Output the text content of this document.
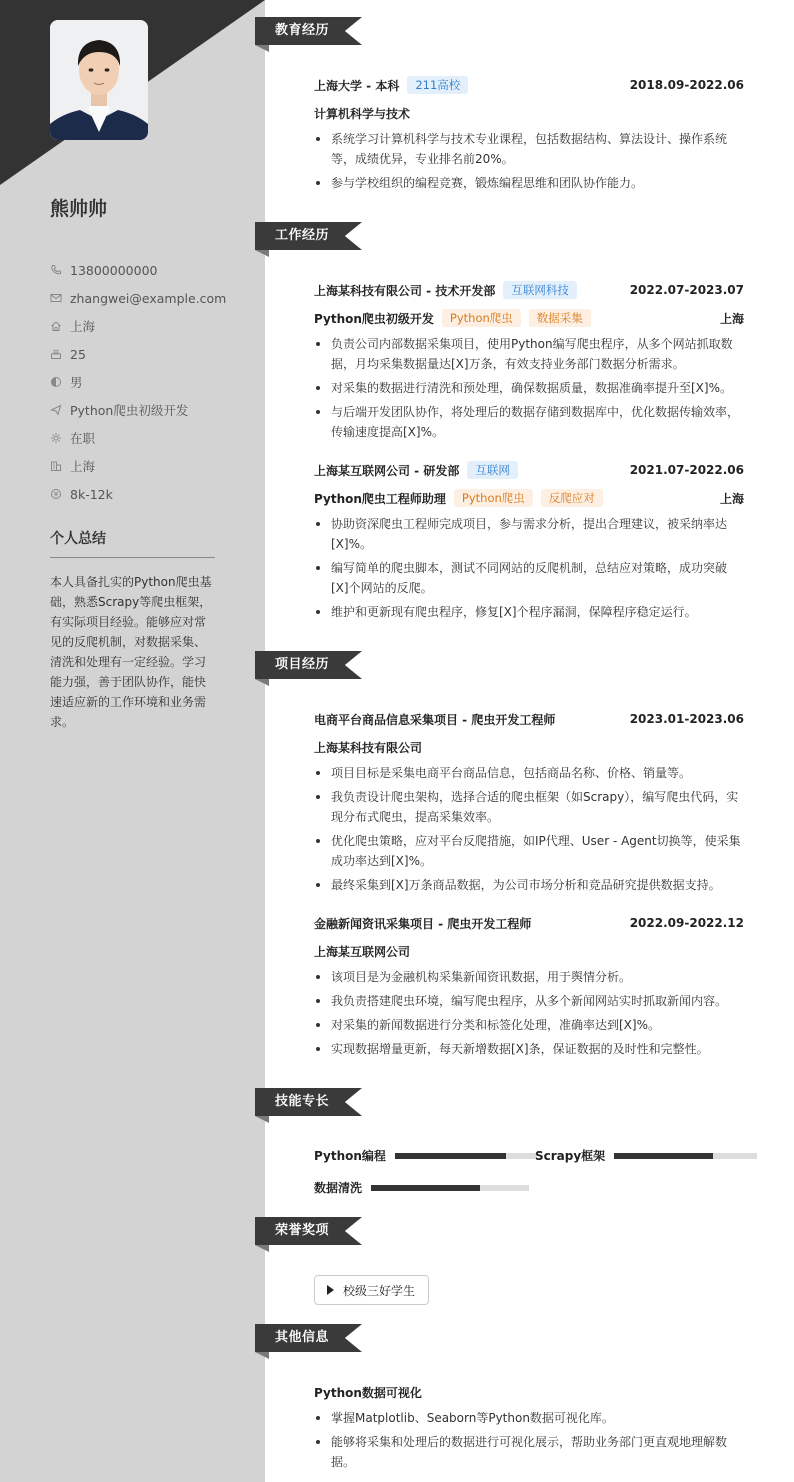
熊帅帅
13800000000
zhangwei@example.com
上海
25
男
Python爬虫初级开发
在职
上海
8k-12k
个人总结
本人具备扎实的Python爬虫基础，熟悉Scrapy等爬虫框架，有实际项目经验。能够应对常见的反爬机制，对数据采集、清洗和处理有一定经验。学习能力强，善于团队协作，能快速适应新的工作环境和业务需求。
教育经历
上海大学 - 本科	211高校	2018.09-2022.06
计算机科学与技术
系统学习计算机科学与技术专业课程，包括数据结构、算法设计、操作系统等，成绩优异，专业排名前20%。
参与学校组织的编程竞赛，锻炼编程思维和团队协作能力。
工作经历
上海某科技有限公司 - 技术开发部	互联网科技	2022.07-2023.07
Python爬虫初级开发	Python爬虫	数据采集	上海
负责公司内部数据采集项目，使用Python编写爬虫程序，从多个网站抓取数据，月均采集数据量达[X]万条，有效支持业务部门数据分析需求。
对采集的数据进行清洗和预处理，确保数据质量，数据准确率提升至[X]%。
与后端开发团队协作，将处理后的数据存储到数据库中，优化数据传输效率，传输速度提高[X]%。
上海某互联网公司 - 研发部	互联网	2021.07-2022.06
Python爬虫工程师助理	Python爬虫	反爬应对	上海
协助资深爬虫工程师完成项目，参与需求分析，提出合理建议，被采纳率达[X]%。
编写简单的爬虫脚本，测试不同网站的反爬机制，总结应对策略，成功突破[X]个网站的反爬。
维护和更新现有爬虫程序，修复[X]个程序漏洞，保障程序稳定运行。
项目经历
电商平台商品信息采集项目 - 爬虫开发工程师	2023.01-2023.06
上海某科技有限公司
项目目标是采集电商平台商品信息，包括商品名称、价格、销量等。
我负责设计爬虫架构，选择合适的爬虫框架（如Scrapy），编写爬虫代码，实现分布式爬虫，提高采集效率。
优化爬虫策略，应对平台反爬措施，如IP代理、User - Agent切换等，使采集成功率达到[X]%。
最终采集到[X]万条商品数据，为公司市场分析和竞品研究提供数据支持。
金融新闻资讯采集项目 - 爬虫开发工程师	2022.09-2022.12
上海某互联网公司
该项目是为金融机构采集新闻资讯数据，用于舆情分析。
我负责搭建爬虫环境，编写爬虫程序，从多个新闻网站实时抓取新闻内容。
对采集的新闻数据进行分类和标签化处理，准确率达到[X]%。
实现数据增量更新，每天新增数据[X]条，保证数据的及时性和完整性。
技能专长
Python编程	Scrapy框架
数据清洗
荣誉奖项
校级三好学生
其他信息
Python数据可视化
掌握Matplotlib、Seaborn等Python数据可视化库。
能够将采集和处理后的数据进行可视化展示，帮助业务部门更直观地理解数据。
